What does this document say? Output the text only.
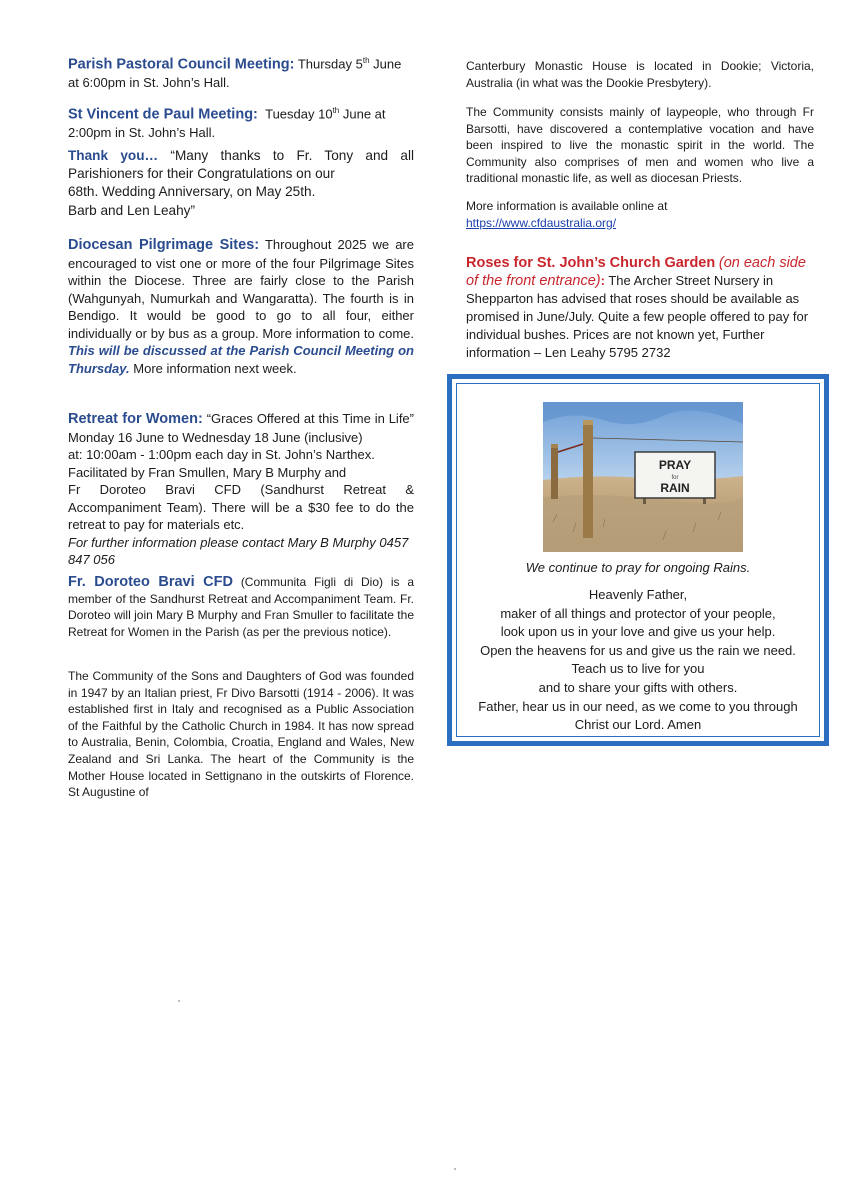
Parish Pastoral Council Meeting: Thursday 5th June at 6:00pm in St. John’s Hall.
St Vincent de Paul Meeting: Tuesday 10th June at 2:00pm in St. John’s Hall.

Thank you… “Many thanks to Fr. Tony and all Parishioners for their Congratulations on our

68th. Wedding Anniversary, on May 25th.

Barb and Len Leahy”

Diocesan Pilgrimage Sites: Throughout 2025 we are encouraged to vist one or more of the four Pilgrimage Sites within the Diocese. Three are fairly close to the Parish (Wahgunyah, Numurkah and Wangaratta). The fourth is in Bendigo. It would be good to go to all four, either individually or by bus as a group. More information to come. This will be discussed at the Parish Council Meeting on Thursday. More information next week.

Retreat for Women: “Graces Offered at this Time in Life” Monday 16 June to Wednesday 18 June (inclusive)

at: 10:00am - 1:00pm each day in St. John’s Narthex.

Facilitated by Fran Smullen, Mary B Murphy and

Fr Doroteo Bravi CFD (Sandhurst Retreat & Accompaniment Team). There will be a $30 fee to do the retreat to pay for materials etc.

For further information please contact Mary B Murphy 0457 847 056

Fr. Doroteo Bravi CFD (Communita Figli di Dio) is a member of the Sandhurst Retreat and Accompaniment Team. Fr. Doroteo will join Mary B Murphy and Fran Smuller to facilitate the Retreat for Women in the Parish (as per the previous notice).
The Community of the Sons and Daughters of God was founded in 1947 by an Italian priest, Fr Divo Barsotti (1914 - 2006). It was established first in Italy and recognised as a Public Association of the Faithful by the Catholic Church in 1984. It has now spread to Australia, Benin, Colombia, Croatia, England and Wales, New Zealand and Sri Lanka. The heart of the Community is the Mother House located in Settignano in the outskirts of Florence. St Augustine of
Canterbury Monastic House is located in Dookie; Victoria, Australia (in what was the Dookie Presbytery).
The Community consists mainly of laypeople, who through Fr Barsotti, have discovered a contemplative vocation and have been inspired to live the monastic spirit in the world. The Community also comprises of men and women who live a traditional monastic life, as well as diocesan Priests.
More information is available online at
https://www.cfdaustralia.org/
Roses for St. John’s Church Garden (on each side of the front entrance): The Archer Street Nursery in Shepparton has advised that roses should be available as promised in June/July. Quite a few people offered to pay for individual bushes. Prices are not known yet, Further information – Len Leahy 5795 2732
PRAY
for
RAIN
We continue to pray for ongoing Rains.
Heavenly Father,
maker of all things and protector of your people,
look upon us in your love and give us your help.
Open the heavens for us and give us the rain we need.
Teach us to live for you
and to share your gifts with others.
Father, hear us in our need, as we come to you through
Christ our Lord. Amen
